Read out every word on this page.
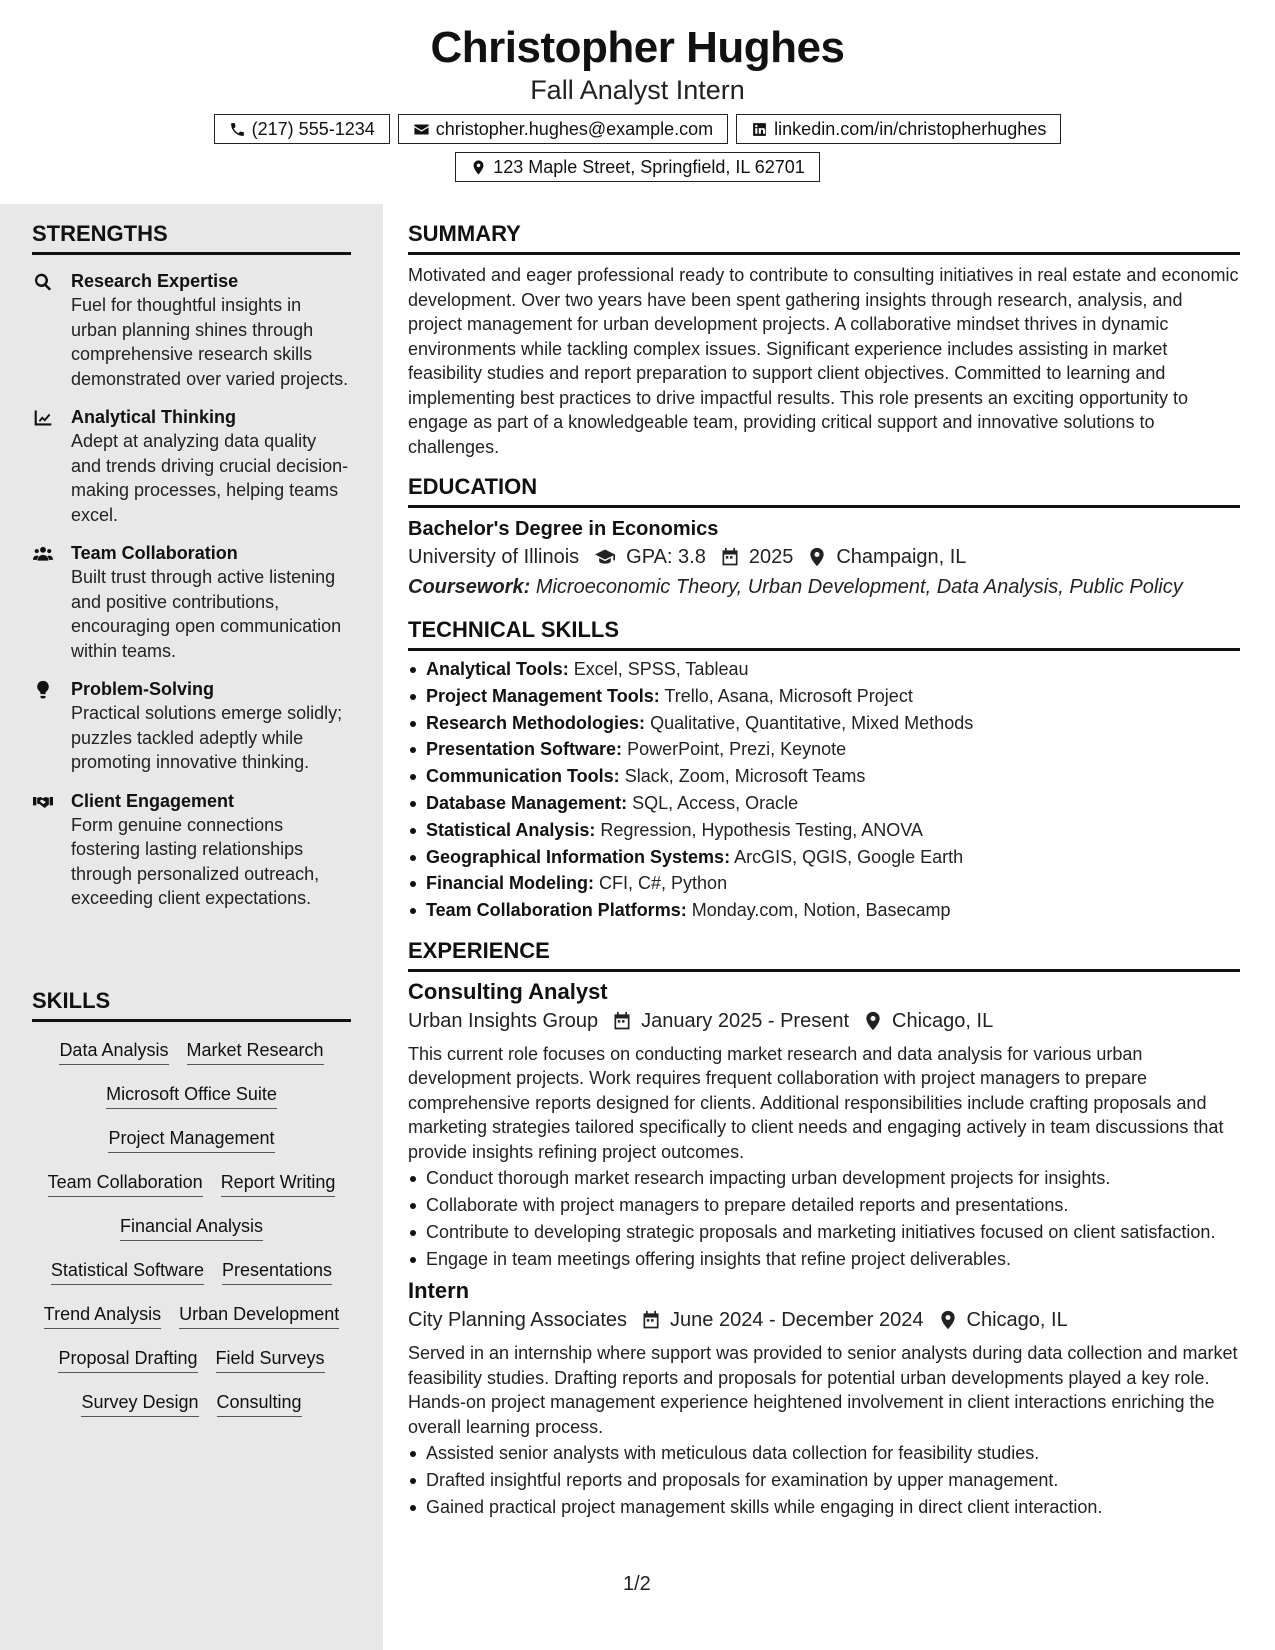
Christopher Hughes
Fall Analyst Intern
(217) 555-1234	christopher.hughes@example.com	linkedin.com/in/christopherhughes
123 Maple Street, Springfield, IL 62701
STRENGTHS
Research Expertise
Fuel for thoughtful insights in urban planning shines through comprehensive research skills demonstrated over varied projects.
Analytical Thinking
Adept at analyzing data quality and trends driving crucial decision-making processes, helping teams excel.
Team Collaboration
Built trust through active listening and positive contributions, encouraging open communication within teams.
Problem-Solving
Practical solutions emerge solidly; puzzles tackled adeptly while promoting innovative thinking.
Client Engagement
Form genuine connections fostering lasting relationships through personalized outreach, exceeding client expectations.
SKILLS
Data Analysis Market Research
Microsoft Office Suite
Project Management
Team Collaboration Report Writing
Financial Analysis
Statistical Software Presentations
Trend Analysis Urban Development
Proposal Drafting Field Surveys
Survey Design Consulting
SUMMARY
Motivated and eager professional ready to contribute to consulting initiatives in real estate and economic development. Over two years have been spent gathering insights through research, analysis, and project management for urban development projects. A collaborative mindset thrives in dynamic environments while tackling complex issues. Significant experience includes assisting in market feasibility studies and report preparation to support client objectives. Committed to learning and implementing best practices to drive impactful results. This role presents an exciting opportunity to engage as part of a knowledgeable team, providing critical support and innovative solutions to challenges.
EDUCATION
Bachelor's Degree in Economics
University of Illinois GPA: 3.8 2025 Champaign, IL
Coursework: Microeconomic Theory, Urban Development, Data Analysis, Public Policy
TECHNICAL SKILLS
Analytical Tools: Excel, SPSS, Tableau
Project Management Tools: Trello, Asana, Microsoft Project
Research Methodologies: Qualitative, Quantitative, Mixed Methods
Presentation Software: PowerPoint, Prezi, Keynote
Communication Tools: Slack, Zoom, Microsoft Teams
Database Management: SQL, Access, Oracle
Statistical Analysis: Regression, Hypothesis Testing, ANOVA
Geographical Information Systems: ArcGIS, QGIS, Google Earth
Financial Modeling: CFI, C#, Python
Team Collaboration Platforms: Monday.com, Notion, Basecamp
EXPERIENCE
Consulting Analyst
Urban Insights Group January 2025 - Present Chicago, IL
This current role focuses on conducting market research and data analysis for various urban development projects. Work requires frequent collaboration with project managers to prepare comprehensive reports designed for clients. Additional responsibilities include crafting proposals and marketing strategies tailored specifically to client needs and engaging actively in team discussions that provide insights refining project outcomes.
Conduct thorough market research impacting urban development projects for insights.
Collaborate with project managers to prepare detailed reports and presentations.
Contribute to developing strategic proposals and marketing initiatives focused on client satisfaction.
Engage in team meetings offering insights that refine project deliverables.
Intern
City Planning Associates June 2024 - December 2024 Chicago, IL
Served in an internship where support was provided to senior analysts during data collection and market feasibility studies. Drafting reports and proposals for potential urban developments played a key role. Hands-on project management experience heightened involvement in client interactions enriching the overall learning process.
Assisted senior analysts with meticulous data collection for feasibility studies.
Drafted insightful reports and proposals for examination by upper management.
Gained practical project management skills while engaging in direct client interaction.
1/2
